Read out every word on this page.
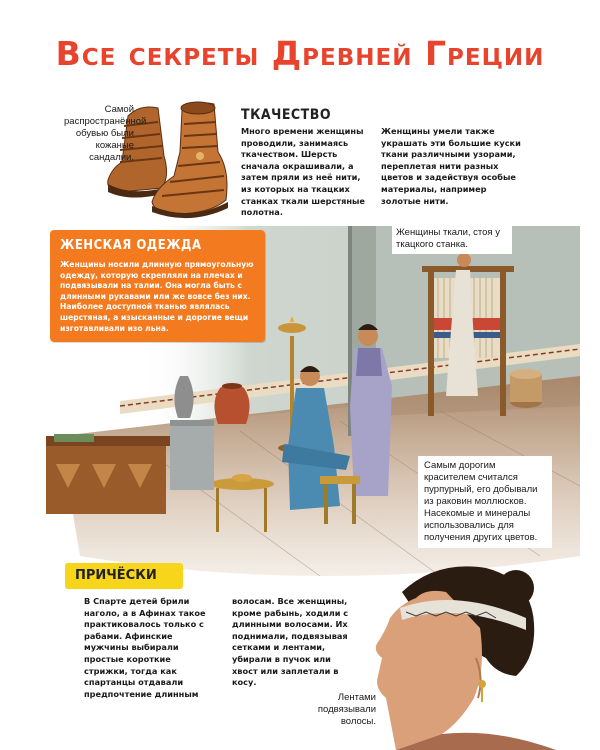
Все секреты Древней Греции
Самой распространённой обувью были кожаные сандалии.
ТКАЧЕСТВО
Много времени женщины проводили, занимаясь ткачеством. Шерсть сначала окрашивали, а затем пряли из неё нити, из которых на ткацких станках ткали шерстяные полотна.
Женщины умели также украшать эти большие куски ткани различными узорами, переплетая нити разных цветов и задействуя особые материалы, например золотые нити.
ЖЕНСКАЯ ОДЕЖДА
Женщины носили длинную прямоугольную одежду, которую скрепляли на плечах и подвязывали на талии. Она могла быть с длинными рукавами или же вовсе без них. Наиболее доступной тканью являлась шерстяная, а изысканные и дорогие вещи изготавливали изо льна.
Женщины ткали, стоя у ткацкого станка.
Самым дорогим красителем считался пурпурный, его добывали из раковин моллюсков. Насекомые и минералы использовались для получения других цветов.
ПРИЧЁСКИ
В Спарте детей брили наголо, а в Афинах такое практиковалось только с рабами. Афинские мужчины выбирали простые короткие стрижки, тогда как спартанцы отдавали предпочтение длинным
волосам. Все женщины, кроме рабынь, ходили с длинными волосами. Их поднимали, подвязывая сетками и лентами, убирали в пучок или хвост или заплетали в косу.
Лентами подвязывали волосы.
